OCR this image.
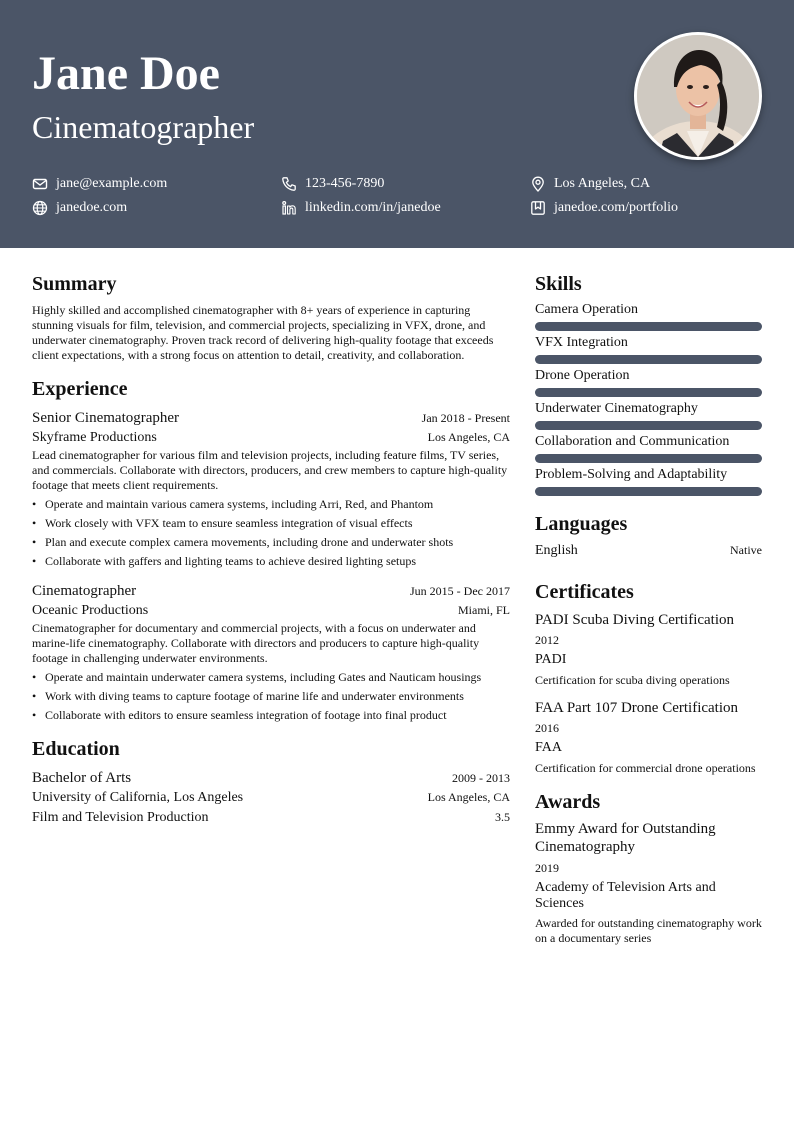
Jane Doe
Cinematographer
jane@example.com	123-456-7890	Los Angeles, CA
janedoe.com	linkedin.com/in/janedoe	janedoe.com/portfolio
Summary

Highly skilled and accomplished cinematographer with 8+ years of experience in capturing stunning visuals for film, television, and commercial projects, specializing in VFX, drone, and underwater cinematography. Proven track record of delivering high-quality footage that exceeds client expectations, with a strong focus on attention to detail, creativity, and collaboration.

Experience
Senior Cinematographer	Jan 2018 - Present
Skyframe Productions	Los Angeles, CA

Lead cinematographer for various film and television projects, including feature films, TV series, and commercials. Collaborate with directors, producers, and crew members to capture high-quality footage that meets client requirements.

• Operate and maintain various camera systems, including Arri, Red, and Phantom
• Work closely with VFX team to ensure seamless integration of visual effects
• Plan and execute complex camera movements, including drone and underwater shots
• Collaborate with gaffers and lighting teams to achieve desired lighting setups
Cinematographer	Jun 2015 - Dec 2017
Oceanic Productions	Miami, FL

Cinematographer for documentary and commercial projects, with a focus on underwater and marine-life cinematography. Collaborate with directors and producers to capture high-quality footage in challenging underwater environments.

• Operate and maintain underwater camera systems, including Gates and Nauticam housings
• Work with diving teams to capture footage of marine life and underwater environments
• Collaborate with editors to ensure seamless integration of footage into final product
Education
Bachelor of Arts	2009 - 2013
University of California, Los Angeles	Los Angeles, CA
Film and Television Production	3.5
Skills
Camera Operation
VFX Integration
Drone Operation
Underwater Cinematography
Collaboration and Communication
Problem-Solving and Adaptability
Languages
English	Native
Certificates
PADI Scuba Diving Certification
2012
PADI
Certification for scuba diving operations
FAA Part 107 Drone Certification
2016
FAA
Certification for commercial drone operations
Awards
Emmy Award for Outstanding Cinematography
2019
Academy of Television Arts and Sciences
Awarded for outstanding cinematography work on a documentary series
